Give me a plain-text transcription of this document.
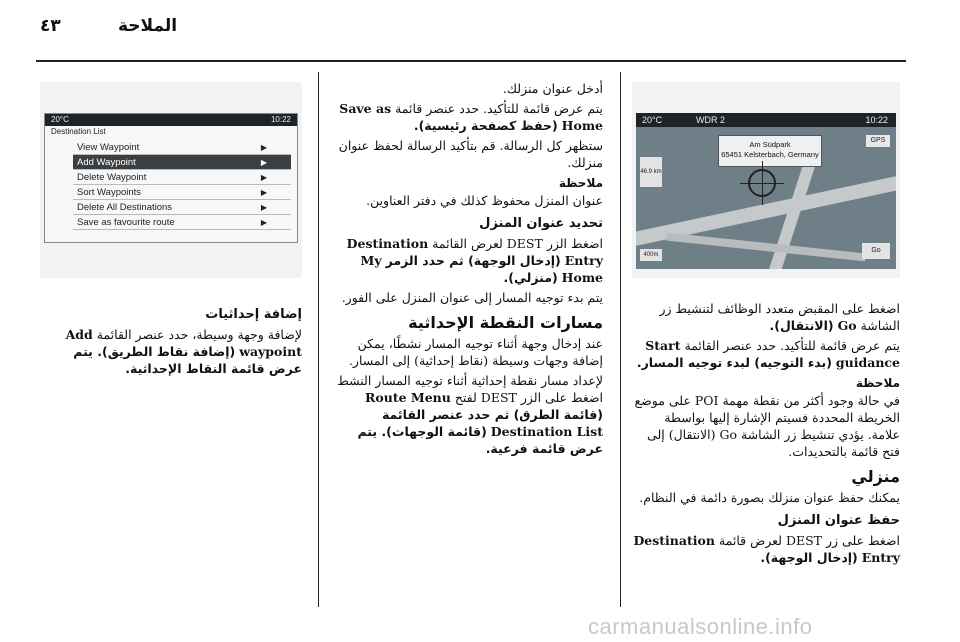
٤٣	الملاحة
20°C	WDR 2	10:22
Am Südpark
65451 Kelsterbach, Germany
GPS
46.9 km
400m
Go
20°C	10:22
Destination List
View Waypoint	▶
Add Waypoint	▶
Delete Waypoint	▶
Sort Waypoints	▶
Delete All Destinations	▶
Save as favourite route	▶

اضغط على المقبض متعدد الوظائف لتنشيط زر الشاشة Go (الانتقال).

يتم عرض قائمة للتأكيد. حدد عنصر القائمة Start guidance (بدء التوجيه) لبدء توجيه المسار.

ملاحظة

في حالة وجود أكثر من نقطة مهمة POI على موضع الخريطة المحددة فسيتم الإشارة إليها بواسطة علامة. يؤدي تنشيط زر الشاشة Go (الانتقال) إلى فتح قائمة بالتحديدات.

منزلي

يمكنك حفظ عنوان منزلك بصورة دائمة في النظام.

حفظ عنوان المنزل

اضغط على زر DEST لعرض قائمة Destination Entry (إدخال الوجهة).

أدخل عنوان منزلك.

يتم عرض قائمة للتأكيد. حدد عنصر قائمة Save as Home (حفظ كصفحة رئيسية).

ستظهر كل الرسالة. قم بتأكيد الرسالة لحفظ عنوان منزلك.

ملاحظة

عنوان المنزل محفوظ كذلك في دفتر العناوين.

تحديد عنوان المنزل

اضغط الزر DEST لعرض القائمة Destination Entry (إدخال الوجهة) ثم حدد الزمر My Home (منزلي).

يتم بدء توجيه المسار إلى عنوان المنزل على الفور.

مسارات النقطة الإحداثية

عند إدخال وجهة أثناء توجيه المسار نشطًا، يمكن إضافة وجهات وسيطة (نقاط إحداثية) إلى المسار.

لإعداد مسار نقطة إحداثية أثناء توجيه المسار النشط اضغط على الزر DEST لفتح Route Menu (قائمة الطرق) ثم حدد عنصر القائمة Destination List (قائمة الوجهات). يتم عرض قائمة فرعية.

إضافة إحداثيات

لإضافة وجهة وسيطة، حدد عنصر القائمة Add waypoint (إضافة نقاط الطريق). يتم عرض قائمة النقاط الإحداثية.

carmanualsonline.info
